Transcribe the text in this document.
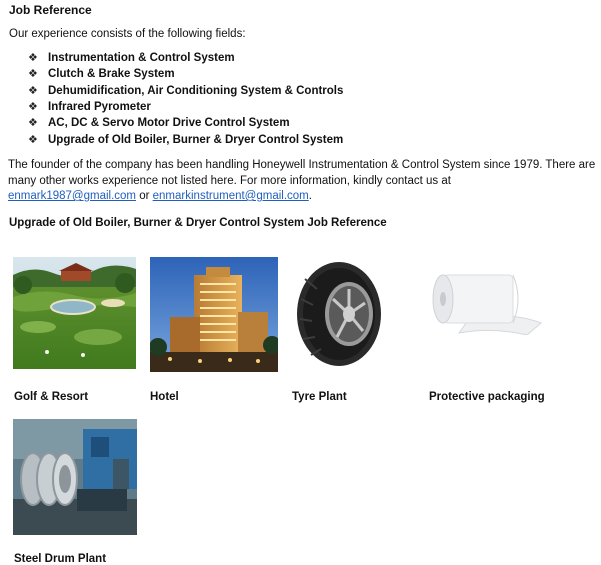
Job Reference
Our experience consists of the following fields:
❖ Instrumentation & Control System
❖ Clutch & Brake System
❖ Dehumidification, Air Conditioning System & Controls
❖ Infrared Pyrometer
❖ AC, DC & Servo Motor Drive Control System
❖ Upgrade of Old Boiler, Burner & Dryer Control System
The founder of the company has been handling Honeywell Instrumentation & Control System since 1979. There are many other works experience not listed here. For more information, kindly contact us at
enmark1987@gmail.com or enmarkinstrument@gmail.com.
Upgrade of Old Boiler, Burner & Dryer Control System Job Reference
Golf & Resort	Hotel	Tyre Plant	Protective packaging
Steel Drum Plant
